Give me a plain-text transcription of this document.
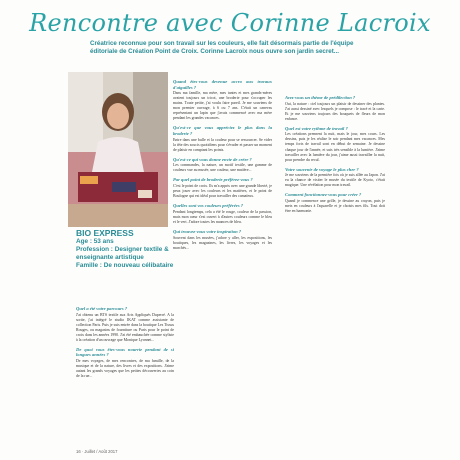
Rencontre avec Corinne Lacroix
Créatrice reconnue pour son travail sur les couleurs, elle fait désormais partie de l'équipe éditoriale de Création Point de Croix. Corinne Lacroix nous ouvre son jardin secret...
BIO EXPRESS
Age : 53 ans
Profession : Designer textile & enseignante artistique
Famille : De nouveau célibataire
Quel a été votre parcours ?

J'ai obtenu un BTS textile aux Arts Appliqués Duperré. A la sortie, j'ai intégré le studio IKAT comme assistante de collection Paris. Puis je suis entrée dans la boutique Les Tissus Rouges, ou magasins de fourniture ou Paris pour le point de croix dans les années 1990. J'ai été embauchée comme styliste à la création d'un ouvrage que Monique Lyonnet...

De quoi vous êtes-vous nourrie pendant de si longues années ?

De mes voyages, de mes rencontres, de ma famille, de la musique et de la nature, des livres et des expositions. J'aime autant les grands voyages que les petites découvertes au coin de la rue...

Quand êtes-vous devenue accro aux travaux d'aiguilles ?

Dans ma famille, ma mère, mes tantes et mes grands-mères avaient toujours un tricot, une broderie pour s'occuper les mains. Toute petite, j'ai voulu faire pareil. Je me souviens de mon premier ouvrage, à 6 ou 7 ans. C'était un canevas représentant un lapin que j'avais commencé avec ma mère pendant les grandes vacances.

Qu'est-ce que vous appréciez le plus dans la broderie ?

Entre dans une bulle et la couleur pour se ressourcer. Se vider la tête des soucis quotidiens pour s'évader et passer un moment de plaisir en comptant les points.

Qu'est-ce qui vous donne envie de créer ?

Les commandes, la nature, un motif textile, une gamme de couleurs vue au musée, une couleur, une matière...

Par quel point de broderie préférez-vous ?

C'est le point de croix. Ils m'a appris avec une grande liberté, je peux jouer avec les couleurs et les matières, et le point de Boulogne qui est idéal pour travailler des camaïeux.

Quelles sont vos couleurs préférées ?

Pendant longtemps, cela a été le rouge, couleur de la passion, mais mon cœur s'est ouvert à d'autres couleurs comme le bleu et le vert. J'adore toutes les nuances de bleu.

Qui trouvez-vous votre inspiration ?

Souvent dans les musées, j'adore y aller, les expositions, les boutiques, les magazines, les livres, les voyages et les marchés...

Avez-vous un thème de prédilection ?

Oui, la nature : ciel toujours un plaisir de dessiner des plantes. J'ai aussi dessiné avec lesquels je compose : le tracé et la carte. Et je me souviens toujours des bouquets de fleurs de mon enfance.

Quel est votre rythme de travail ?

Les créations prennent la nuit, mais le jour, mes cours. Les dessins, puis je les réalise le soir pendant mes vacances. Mes temps forts de travail sont en début de semaine. Je dessine chaque jour de l'année, et suis très sensible à la lumière. J'aime travailler avec la lumière du jour, j'aime aussi travailler la nuit, pour prendre du recul.

Votre souvenir de voyage le plus cher ?

Je me souviens de la première fois où je suis allée au Japon. J'ai eu la chance de visiter le musée du textile de Kyoto, c'était magique. Une révélation pour mon travail.

Comment fonctionnez-vous pour créer ?

Quand je commence une grille, je dessine au crayon, puis je mets en couleurs à l'aquarelle et je choisis mes fils. Tout doit être en harmonie.

16 · Juillet / Août 2017
